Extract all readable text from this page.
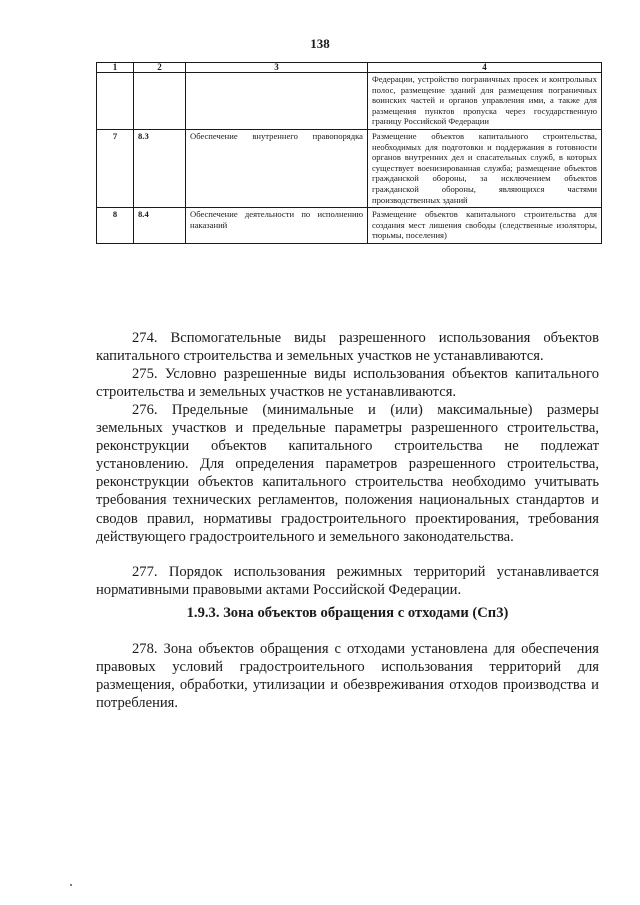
138
1	2	3	4
			Федерации, устройство пограничных просек и контрольных полос, размещение зданий для размещения пограничных воинских частей и органов управления ими, а также для размещения пунктов пропуска через государственную границу Российской Федерации
7	8.3	Обеспечение внутреннего правопорядка	Размещение объектов капитального строительства, необходимых для подготовки и поддержания в готовности органов внутренних дел и спасательных служб, в которых существует военизированная служба; размещение объектов гражданской обороны, за исключением объектов гражданской обороны, являющихся частями производственных зданий
8	8.4	Обеспечение деятельности по исполнению наказаний	Размещение объектов капитального строительства для создания мест лишения свободы (следственные изоляторы, тюрьмы, поселения)

274. Вспомогательные виды разрешенного использования объектов капитального строительства и земельных участков не устанавливаются.

275. Условно разрешенные виды использования объектов капитального строительства и земельных участков не устанавливаются.

276. Предельные (минимальные и (или) максимальные) размеры земельных участков и предельные параметры разрешенного строительства, реконструкции объектов капитального строительства не подлежат установлению. Для определения параметров разрешенного строительства, реконструкции объектов капитального строительства необходимо учитывать требования технических регламентов, положения национальных стандартов и сводов правил, нормативы градостроительного проектирования, требования действующего градостроительного и земельного законодательства.

277. Порядок использования режимных территорий устанавливается нормативными правовыми актами Российской Федерации.

1.9.3. Зона объектов обращения с отходами (Сп3)

278. Зона объектов обращения с отходами установлена для обеспечения правовых условий градостроительного использования территорий для размещения, обработки, утилизации и обезвреживания отходов производства и потребления.
